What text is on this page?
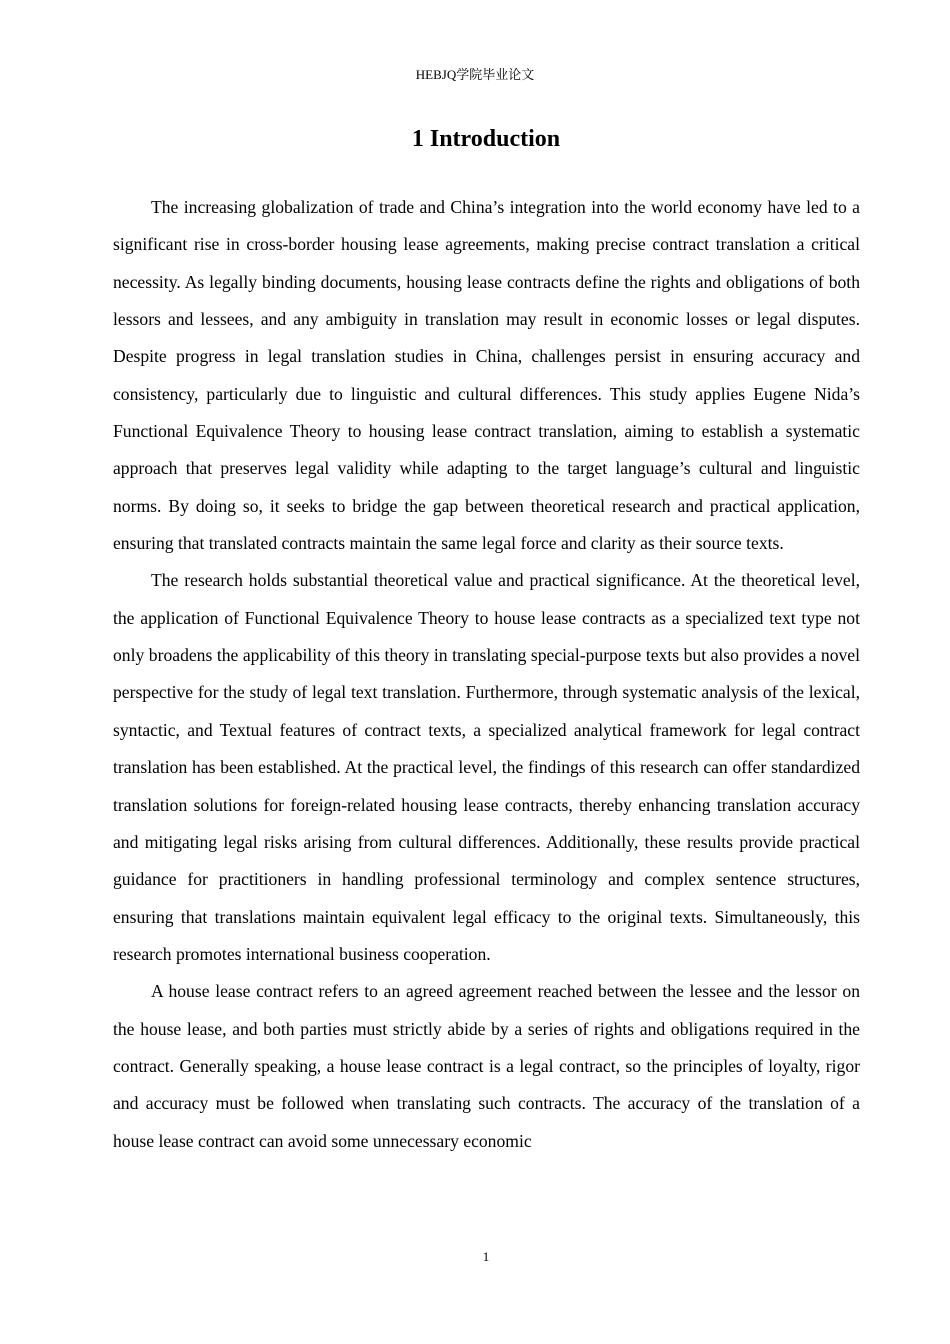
HEBJQ学院毕业论文
1 Introduction

The increasing globalization of trade and China’s integration into the world economy have led to a significant rise in cross-border housing lease agreements, making precise contract translation a critical necessity. As legally binding documents, housing lease contracts define the rights and obligations of both lessors and lessees, and any ambiguity in translation may result in economic losses or legal disputes. Despite progress in legal translation studies in China, challenges persist in ensuring accuracy and consistency, particularly due to linguistic and cultural differences. This study applies Eugene Nida’s Functional Equivalence Theory to housing lease contract translation, aiming to establish a systematic approach that preserves legal validity while adapting to the target language’s cultural and linguistic norms. By doing so, it seeks to bridge the gap between theoretical research and practical application, ensuring that translated contracts maintain the same legal force and clarity as their source texts.

The research holds substantial theoretical value and practical significance. At the theoretical level, the application of Functional Equivalence Theory to house lease contracts as a specialized text type not only broadens the applicability of this theory in translating special-purpose texts but also provides a novel perspective for the study of legal text translation. Furthermore, through systematic analysis of the lexical, syntactic, and Textual features of contract texts, a specialized analytical framework for legal contract translation has been established. At the practical level, the findings of this research can offer standardized translation solutions for foreign-related housing lease contracts, thereby enhancing translation accuracy and mitigating legal risks arising from cultural differences. Additionally, these results provide practical guidance for practitioners in handling professional terminology and complex sentence structures, ensuring that translations maintain equivalent legal efficacy to the original texts. Simultaneously, this research promotes international business cooperation.

A house lease contract refers to an agreed agreement reached between the lessee and the lessor on the house lease, and both parties must strictly abide by a series of rights and obligations required in the contract. Generally speaking, a house lease contract is a legal contract, so the principles of loyalty, rigor and accuracy must be followed when translating such contracts. The accuracy of the translation of a house lease contract can avoid some unnecessary economic

1
